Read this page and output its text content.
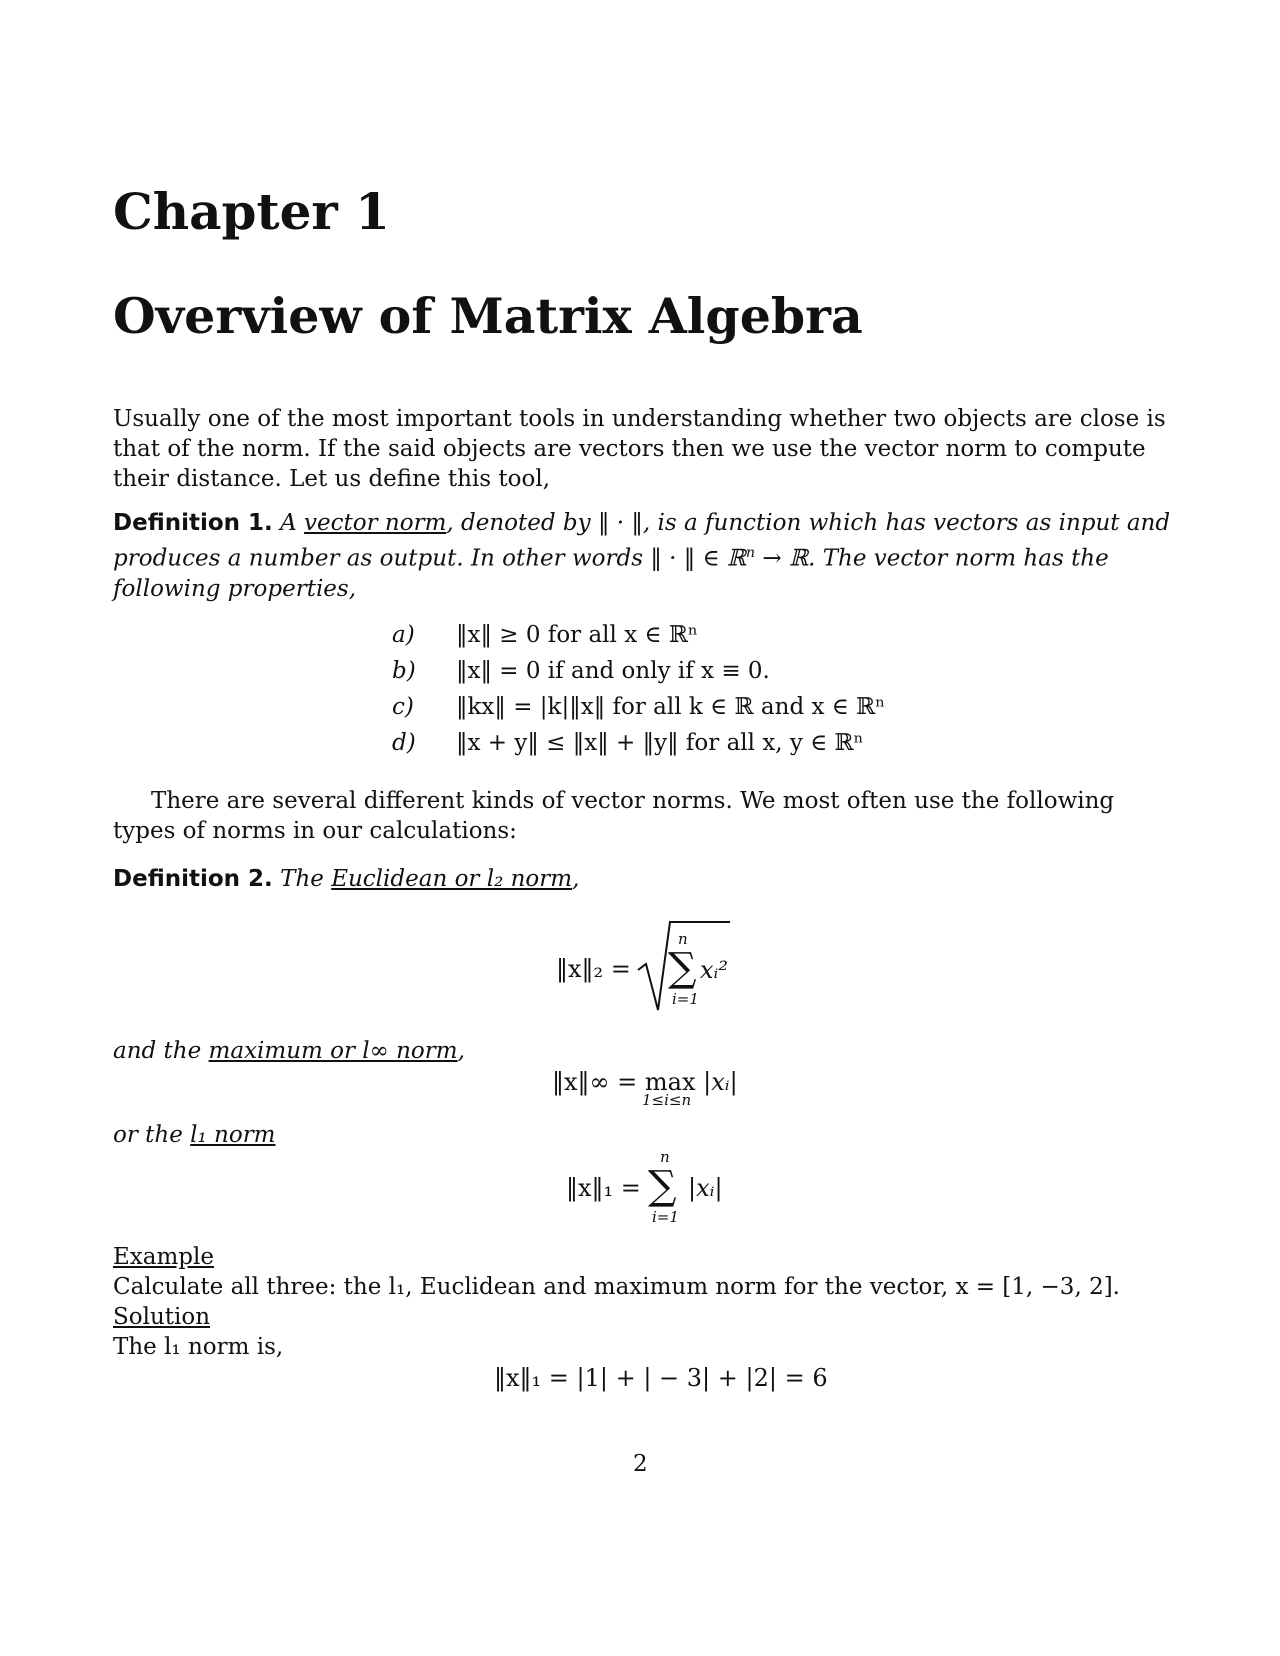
Chapter 1
Overview of Matrix Algebra
Usually one of the most important tools in understanding whether two objects are close is that of the norm. If the said objects are vectors then we use the vector norm to compute their distance. Let us define this tool,
Definition 1. A vector norm, denoted by ‖ · ‖, is a function which has vectors as input and produces a number as output. In other words ‖ · ‖ ∈ ℝ$^n$ → ℝ. The vector norm has the following properties,
a) ‖x‖ ≥ 0 for all x ∈ ℝⁿ
b) ‖x‖ = 0 if and only if x ≡ 0.
c) ‖kx‖ = |k|‖x‖ for all k ∈ ℝ and x ∈ ℝⁿ
d) ‖x + y‖ ≤ ‖x‖ + ‖y‖ for all x, y ∈ ℝⁿ
There are several different kinds of vector norms. We most often use the following types of norms in our calculations:
Definition 2. The Euclidean or l₂ norm,
‖x‖₂ =
n
∑
i=1
xᵢ²
and the maximum or l∞ norm,
‖x‖∞ = max |xᵢ|
1≤i≤n
or the l₁ norm
‖x‖₁ =
n
∑
i=1
|xᵢ|
Example
Calculate all three: the l₁, Euclidean and maximum norm for the vector, x = [1, −3, 2].
Solution
The l₁ norm is,
‖x‖₁ = |1| + | − 3| + |2| = 6
2
